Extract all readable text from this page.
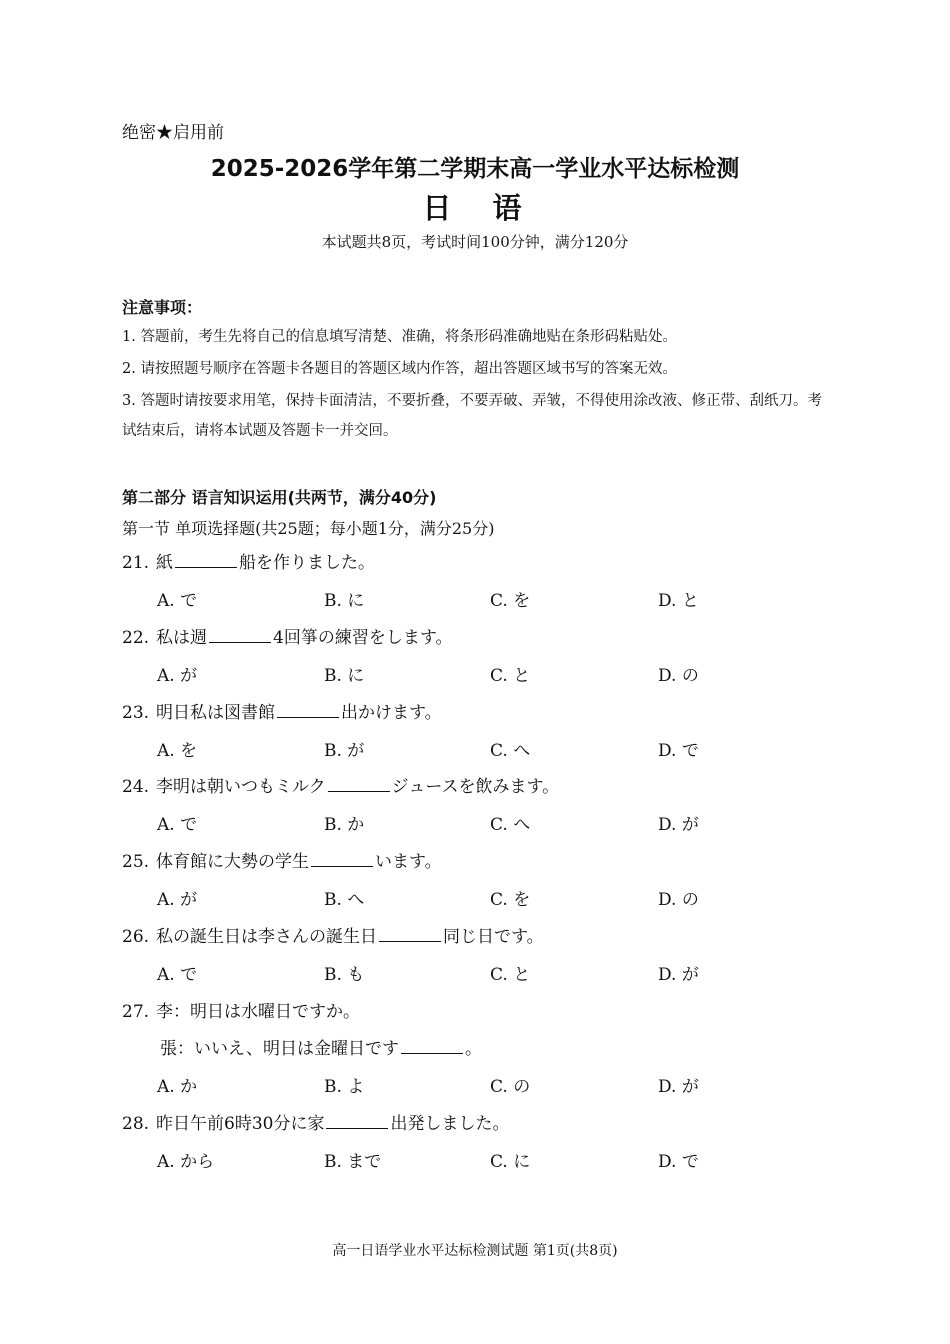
绝密★启用前
2025-2026学年第二学期末高一学业水平达标检测
日　语
本试题共8页，考试时间100分钟，满分120分
注意事项：
1. 答题前，考生先将自己的信息填写清楚、准确，将条形码准确地贴在条形码粘贴处。
2. 请按照题号顺序在答题卡各题目的答题区域内作答，超出答题区域书写的答案无效。
3. 答题时请按要求用笔，保持卡面清洁，不要折叠，不要弄破、弄皱，不得使用涂改液、修正带、刮纸刀。考试结束后，请将本试题及答题卡一并交回。
第二部分 语言知识运用(共两节，满分40分)
第一节 单项选择题(共25题；每小题1分，满分25分)
21. 紙	船を作りました。
A. で	B. に	C. を	D. と
22. 私は週	4回箏の練習をします。
A. が	B. に	C. と	D. の
23. 明日私は図書館	出かけます。
A. を	B. が	C. へ	D. で
24. 李明は朝いつもミルク	ジュースを飲みます。
A. で	B. か	C. へ	D. が
25. 体育館に大勢の学生	います。
A. が	B. へ	C. を	D. の
26. 私の誕生日は李さんの誕生日	同じ日です。
A. で	B. も	C. と	D. が
27. 李：明日は水曜日ですか。
張：いいえ、明日は金曜日です	。
A. か	B. よ	C. の	D. が
28. 昨日午前6時30分に家	出発しました。
A. から	B. まで	C. に	D. で
高一日语学业水平达标检测试题 第1页(共8页)
